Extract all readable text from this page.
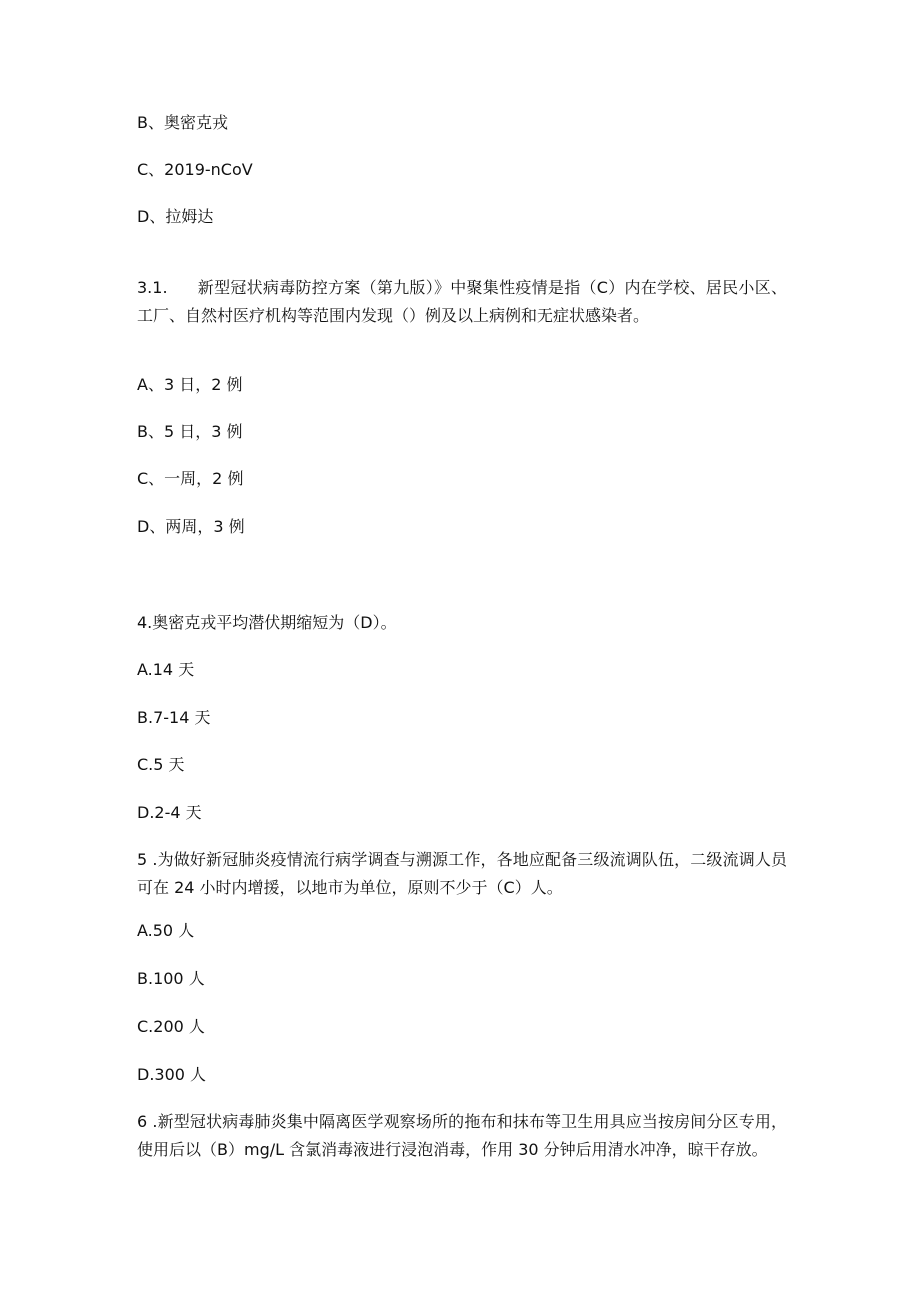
B、奥密克戎
C、2019-nCoV
D、拉姆达
3.1. 新型冠状病毒防控方案（第九版）》中聚集性疫情是指（C）内在学校、居民小区、工厂、自然村医疗机构等范围内发现（）例及以上病例和无症状感染者。
A、3 日，2 例
B、5 日，3 例
C、一周，2 例
D、两周，3 例
4.奥密克戎平均潜伏期缩短为（D）。
A.14 天
B.7-14 天
C.5 天
D.2-4 天
5 .为做好新冠肺炎疫情流行病学调查与溯源工作，各地应配备三级流调队伍，二级流调人员可在 24 小时内增援，以地市为单位，原则不少于（C）人。
A.50 人
B.100 人
C.200 人
D.300 人
6 .新型冠状病毒肺炎集中隔离医学观察场所的拖布和抹布等卫生用具应当按房间分区专用，使用后以（B）mg/L 含氯消毒液进行浸泡消毒，作用 30 分钟后用清水冲净，晾干存放。
